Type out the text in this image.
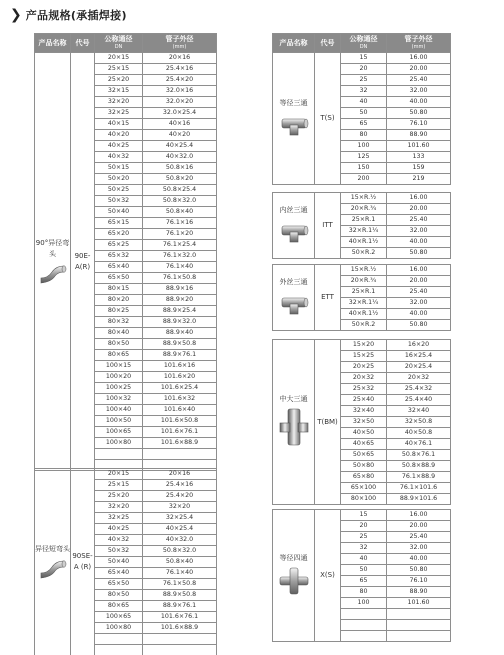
❯ 产品规格(承插焊接)
产品名称	代号	公称通径
DN	管子外径
(mm)

90°异径弯头	90E-A(R)	20×15	20×16
		25×15	25.4×16
		25×20	25.4×20
		32×15	32.0×16
		32×20	32.0×20
		32×25	32.0×25.4
		40×15	40×16
		40×20	40×20
		40×25	40×25.4
		40×32	40×32.0
		50×15	50.8×16
		50×20	50.8×20
		50×25	50.8×25.4
		50×32	50.8×32.0
		50×40	50.8×40
		65×15	76.1×16
		65×20	76.1×20
		65×25	76.1×25.4
		65×32	76.1×32.0
		65×40	76.1×40
		65×50	76.1×50.8
		80×15	88.9×16
		80×20	88.9×20
		80×25	88.9×25.4
		80×32	88.9×32.0
		80×40	88.9×40
		80×50	88.9×50.8
		80×65	88.9×76.1
		100×15	101.6×16
		100×20	101.6×20
		100×25	101.6×25.4
		100×32	101.6×32
		100×40	101.6×40
		100×50	101.6×50.8
		100×65	101.6×76.1
		100×80	101.6×88.9

异径短弯头	90SE-A (R)	20×15	20×16
		25×15	25.4×16
		25×20	25.4×20
		32×20	32×20
		32×25	32×25.4
		40×25	40×25.4
		40×32	40×32.0
		50×32	50.8×32.0
		50×40	50.8×40
		65×40	76.1×40
		65×50	76.1×50.8
		80×50	88.9×50.8
		80×65	88.9×76.1
		100×65	101.6×76.1
		100×80	101.6×88.9

产品名称	代号	公称通径
DN	管子外径
(mm)

等径三通	T(S)	15	16.00
		20	20.00
		25	25.40
		32	32.00
		40	40.00
		50	50.80
		65	76.10
		80	88.90
		100	101.60
		125	133
		150	159
		200	219
内丝三通	ITT	15×R.½	16.00
		20×R.¾	20.00
		25×R.1	25.40
		32×R.1¼	32.00
		40×R.1½	40.00
		50×R.2	50.80
外丝三通	ETT	15×R.½	16.00
		20×R.¾	20.00
		25×R.1	25.40
		32×R.1¼	32.00
		40×R.1½	40.00
		50×R.2	50.80
中大三通	T(BM)	15×20	16×20
		15×25	16×25.4
		20×25	20×25.4
		20×32	20×32
		25×32	25.4×32
		25×40	25.4×40
		32×40	32×40
		32×50	32×50.8
		40×50	40×50.8
		40×65	40×76.1
		50×65	50.8×76.1
		50×80	50.8×88.9
		65×80	76.1×88.9
		65×100	76.1×101.6
		80×100	88.9×101.6
等径四通	X(S)	15	16.00
		20	20.00
		25	25.40
		32	32.00
		40	40.00
		50	50.80
		65	76.10
		80	88.90
		100	101.60
